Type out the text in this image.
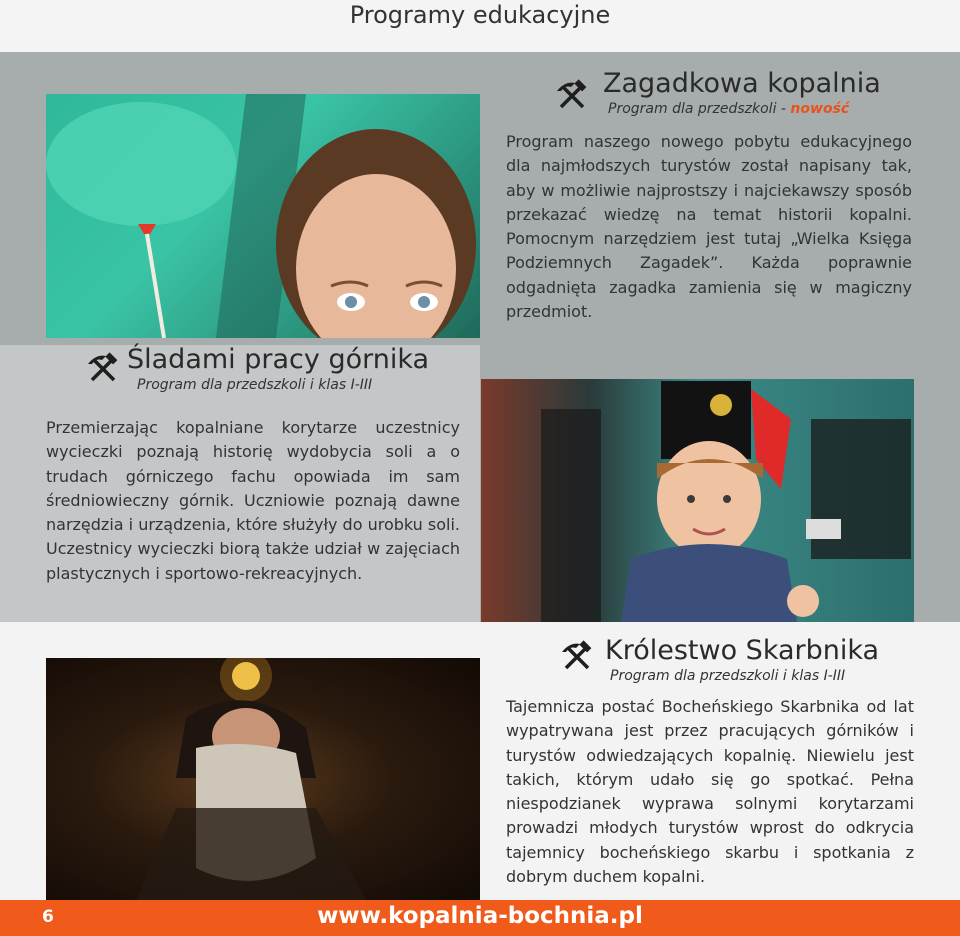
Programy edukacyjne
Zagadkowa kopalnia
Program dla przedszkoli - nowość
Program naszego nowego pobytu edukacyjnego dla najmłodszych turystów został napisany tak, aby w możliwie najprostszy i najciekawszy sposób przekazać wiedzę na temat historii kopalni. Pomocnym narzędziem jest tutaj „Wielka Księga Podziemnych Zagadek”. Każda poprawnie odgadnięta zagadka zamienia się w magiczny przedmiot.
Śladami pracy górnika
Program dla przedszkoli i klas I-III
Przemierzając kopalniane korytarze uczestnicy wycieczki poznają historię wydobycia soli a o trudach górniczego fachu opowiada im sam średniowieczny górnik. Uczniowie poznają dawne narzędzia i urządzenia, które służyły do urobku soli. Uczestnicy wycieczki biorą także udział w zajęciach plastycznych i sportowo-rekreacyjnych.
Królestwo Skarbnika
Program dla przedszkoli i klas I-III
Tajemnicza postać Bocheńskiego Skarbnika od lat wypatrywana jest przez pracujących górników i turystów odwiedzających kopalnię. Niewielu jest takich, którym udało się go spotkać. Pełna niespodzianek wyprawa solnymi korytarzami prowadzi młodych turystów wprost do odkrycia tajemnicy bocheńskiego skarbu i spotkania z dobrym duchem kopalni.
www.kopalnia-bochnia.pl
6
